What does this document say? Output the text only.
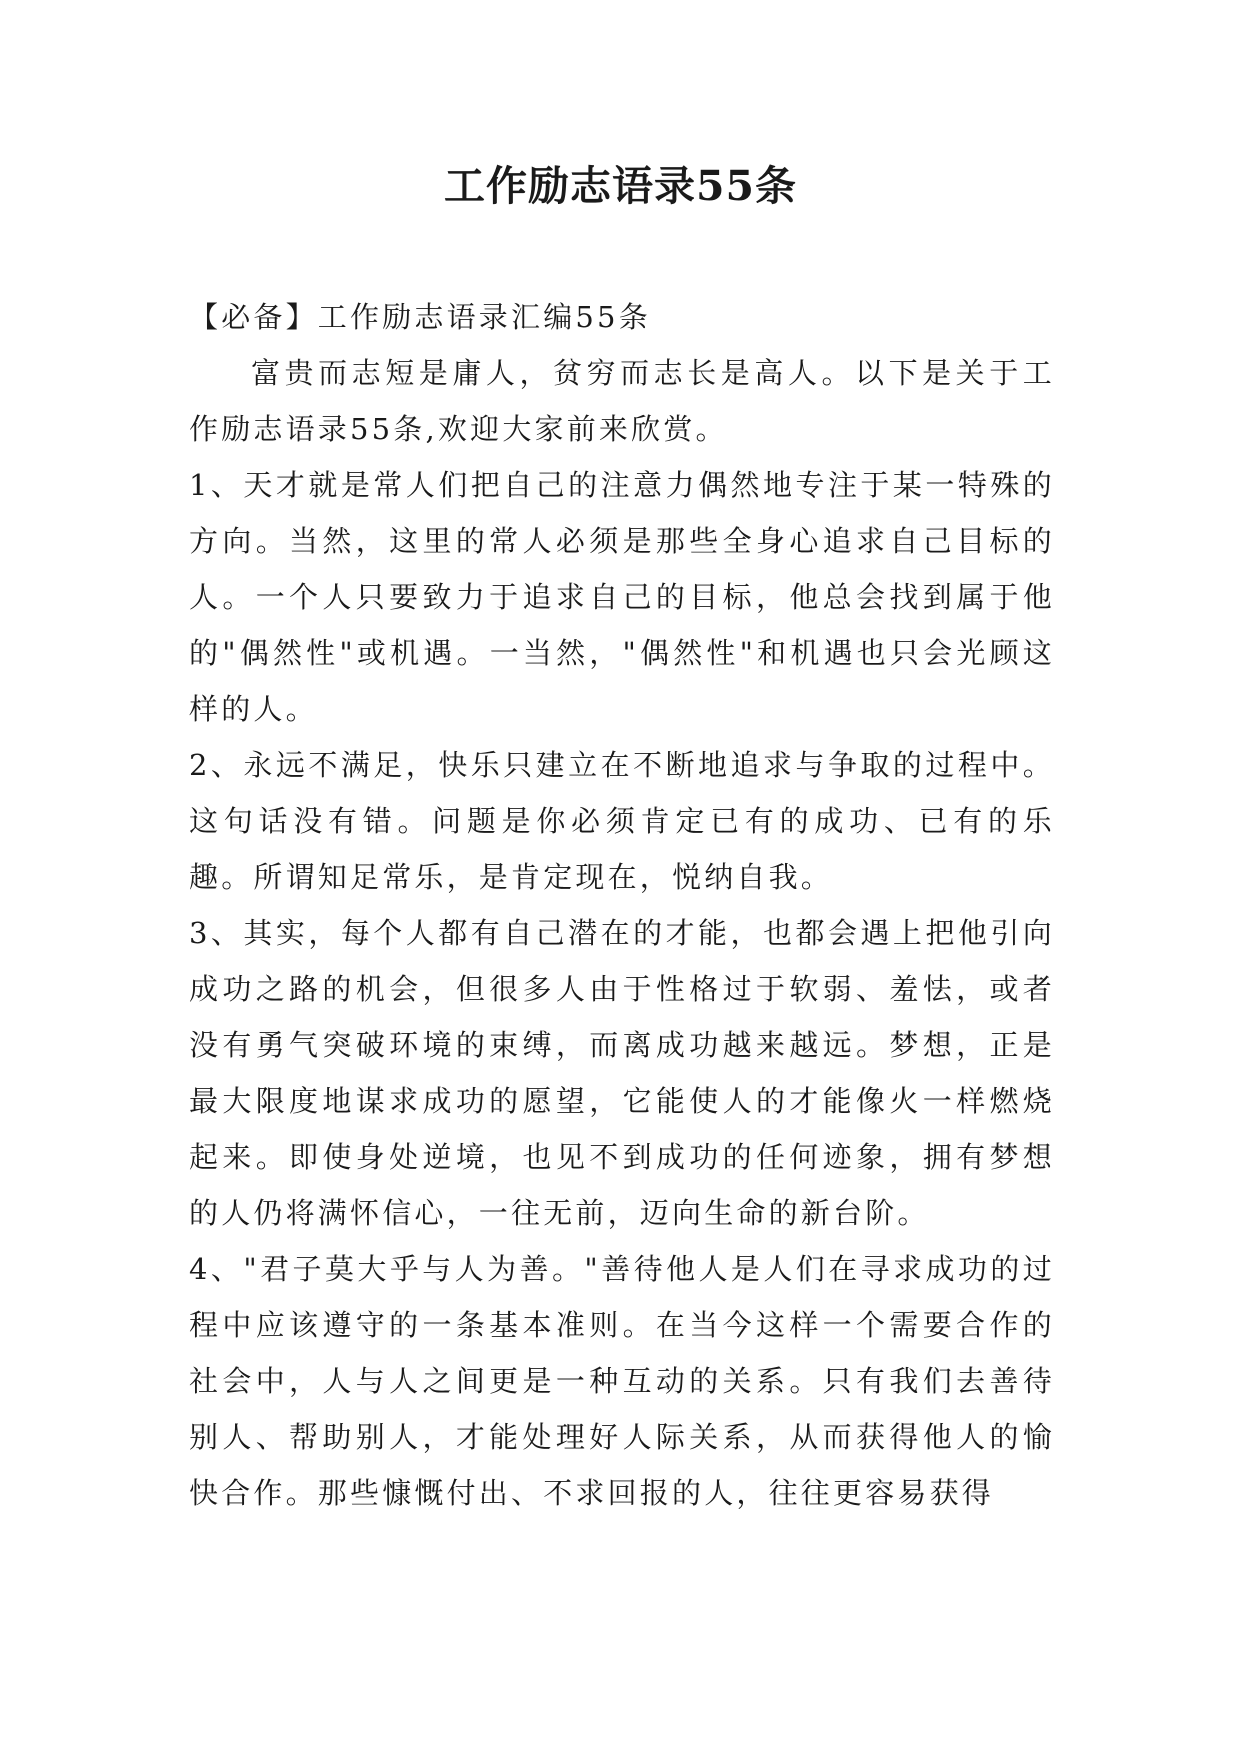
工作励志语录55条

【必备】工作励志语录汇编55条

富贵而志短是庸人，贫穷而志长是高人。以下是关于工作励志语录55条,欢迎大家前来欣赏。

1、天才就是常人们把自己的注意力偶然地专注于某一特殊的方向。当然，这里的常人必须是那些全身心追求自己目标的人。一个人只要致力于追求自己的目标，他总会找到属于他的"偶然性"或机遇。一当然，"偶然性"和机遇也只会光顾这样的人。

2、永远不满足，快乐只建立在不断地追求与争取的过程中。这句话没有错。问题是你必须肯定已有的成功、已有的乐趣。所谓知足常乐，是肯定现在，悦纳自我。

3、其实，每个人都有自己潜在的才能，也都会遇上把他引向成功之路的机会，但很多人由于性格过于软弱、羞怯，或者没有勇气突破环境的束缚，而离成功越来越远。梦想，正是最大限度地谋求成功的愿望，它能使人的才能像火一样燃烧起来。即使身处逆境，也见不到成功的任何迹象，拥有梦想的人仍将满怀信心，一往无前，迈向生命的新台阶。

4、"君子莫大乎与人为善。"善待他人是人们在寻求成功的过程中应该遵守的一条基本准则。在当今这样一个需要合作的社会中，人与人之间更是一种互动的关系。只有我们去善待别人、帮助别人，才能处理好人际关系，从而获得他人的愉快合作。那些慷慨付出、不求回报的人，往往更容易获得
